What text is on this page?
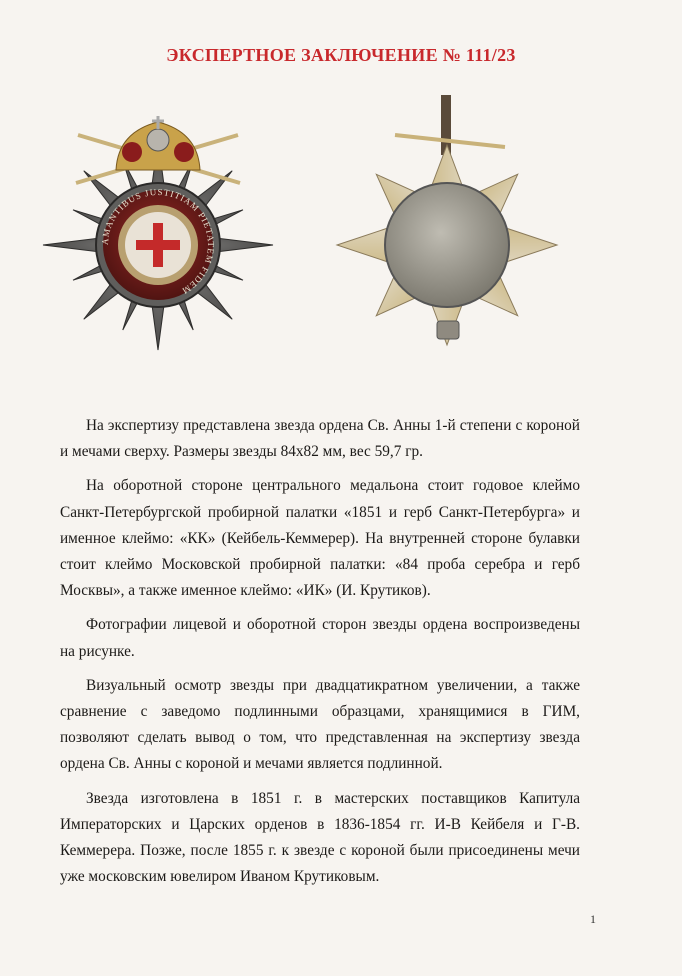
ЭКСПЕРТНОЕ ЗАКЛЮЧЕНИЕ № 111/23
AMANTIBUS JUSTITIAM PIETATEM FIDEM

На экспертизу представлена звезда ордена Св. Анны 1-й степени с короной и мечами сверху. Размеры звезды 84х82 мм, вес 59,7 гр.

На оборотной стороне центрального медальона стоит годовое клеймо Санкт-Петербургской пробирной палатки «1851 и герб Санкт-Петербурга» и именное клеймо: «КК» (Кейбель-Кеммерер). На внутренней стороне булавки стоит клеймо Московской пробирной палатки: «84 проба серебра и герб Москвы», а также именное клеймо: «ИК» (И. Крутиков).

Фотографии лицевой и оборотной сторон звезды ордена воспроизведены на рисунке.

Визуальный осмотр звезды при двадцатикратном увеличении, а также сравнение с заведомо подлинными образцами, хранящимися в ГИМ, позволяют сделать вывод о том, что представленная на экспертизу звезда ордена Св. Анны с короной и мечами является подлинной.

Звезда изготовлена в 1851 г. в мастерских поставщиков Капитула Императорских и Царских орденов в 1836-1854 гг. И-В Кейбеля и Г-В. Кеммерера. Позже, после 1855 г. к звезде с короной были присоединены мечи уже московским ювелиром Иваном Крутиковым.

1
